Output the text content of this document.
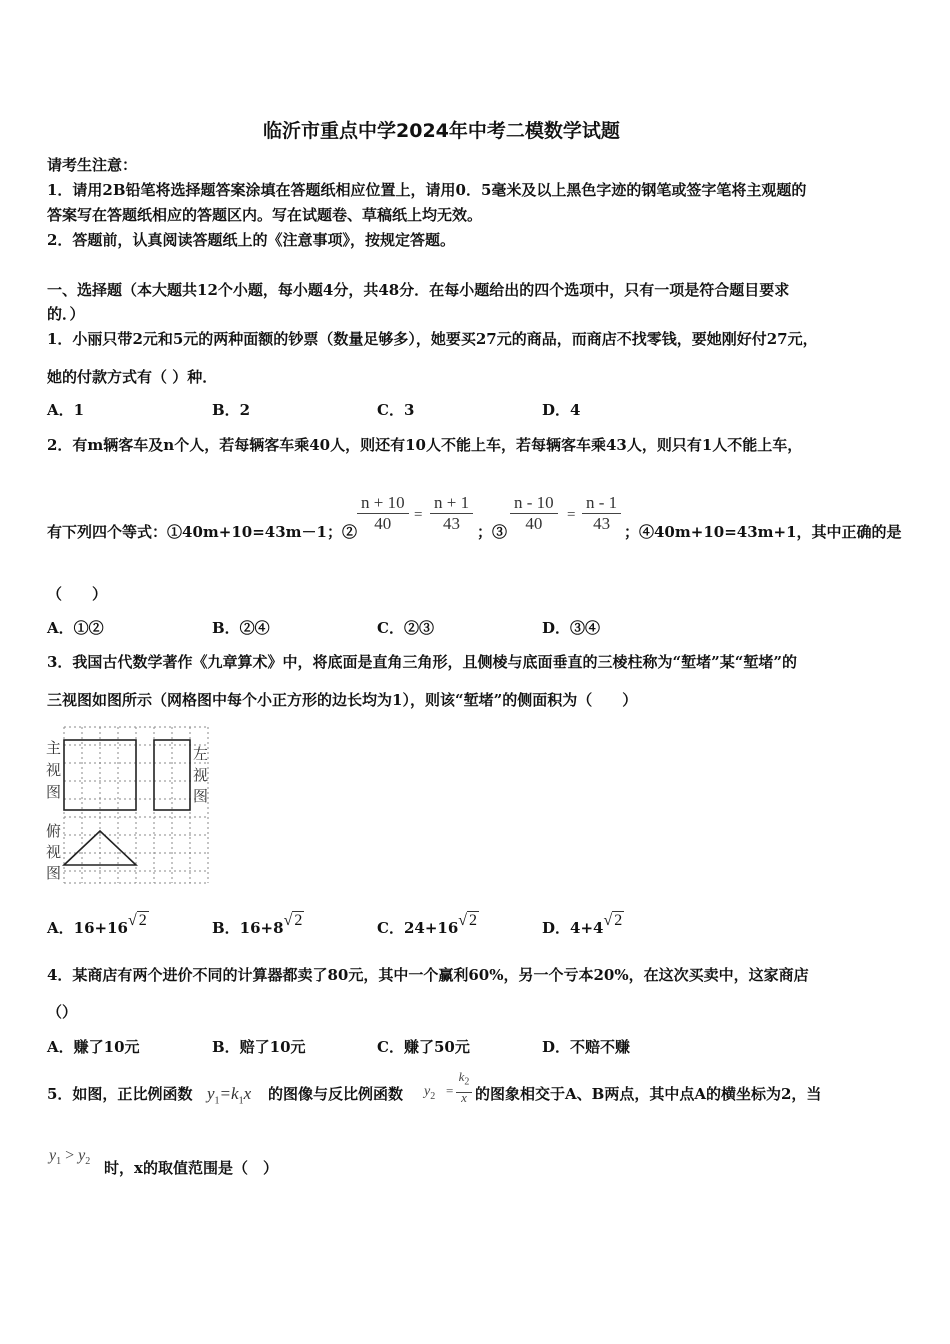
临沂市重点中学2024年中考二模数学试题
请考生注意：
1．请用2B铅笔将选择题答案涂填在答题纸相应位置上，请用0．5毫米及以上黑色字迹的钢笔或签字笔将主观题的
答案写在答题纸相应的答题区内。写在试题卷、草稿纸上均无效。
2．答题前，认真阅读答题纸上的《注意事项》，按规定答题。
一、选择题（本大题共12个小题，每小题4分，共48分．在每小题给出的四个选项中，只有一项是符合题目要求
的．）
1．小丽只带2元和5元的两种面额的钞票（数量足够多），她要买27元的商品，而商店不找零钱，要她刚好付27元，
她的付款方式有（ ）种．
A．1	B．2	C．3	D．4
2．有m辆客车及n个人，若每辆客车乘40人，则还有10人不能上车，若每辆客车乘43人，则只有1人不能上车，
有下列四个等式：①40m+10=43m－1；② $\frac{n + 10}{40} = \frac{n + 1}{43}$ ；③ $\frac{n - 10}{40} = \frac{n - 1}{43}$ ；④40m+10=43m+1，其中正确的是
（　　）
A．①②	B．②④	C．②③	D．③④
3．我国古代数学著作《九章算术》中，将底面是直角三角形，且侧棱与底面垂直的三棱柱称为“堑堵”某“堑堵”的
三视图如图所示（网格图中每个小正方形的边长均为1），则该“堑堵”的侧面积为（　　）
主
视
图
左
视
图
俯
视
图
A．16+16√ 2	B．16+8√ 2	C．24+16√ 2	D．4+4√ 2
4．某商店有两个进价不同的计算器都卖了80元，其中一个赢利60%，另一个亏本20%，在这次买卖中，这家商店
（）
A．赚了10元	B．赔了10元	C．赚了50元	D．不赔不赚
5．如图，正比例函数 $y_1=k_1x$ 的图像与反比例函数 $y_2$ =
$k_2$
x 的图象相交于A、B两点，其中点A的横坐标为2，当
$y_1 > y_2$ 时，x的取值范围是（　）
